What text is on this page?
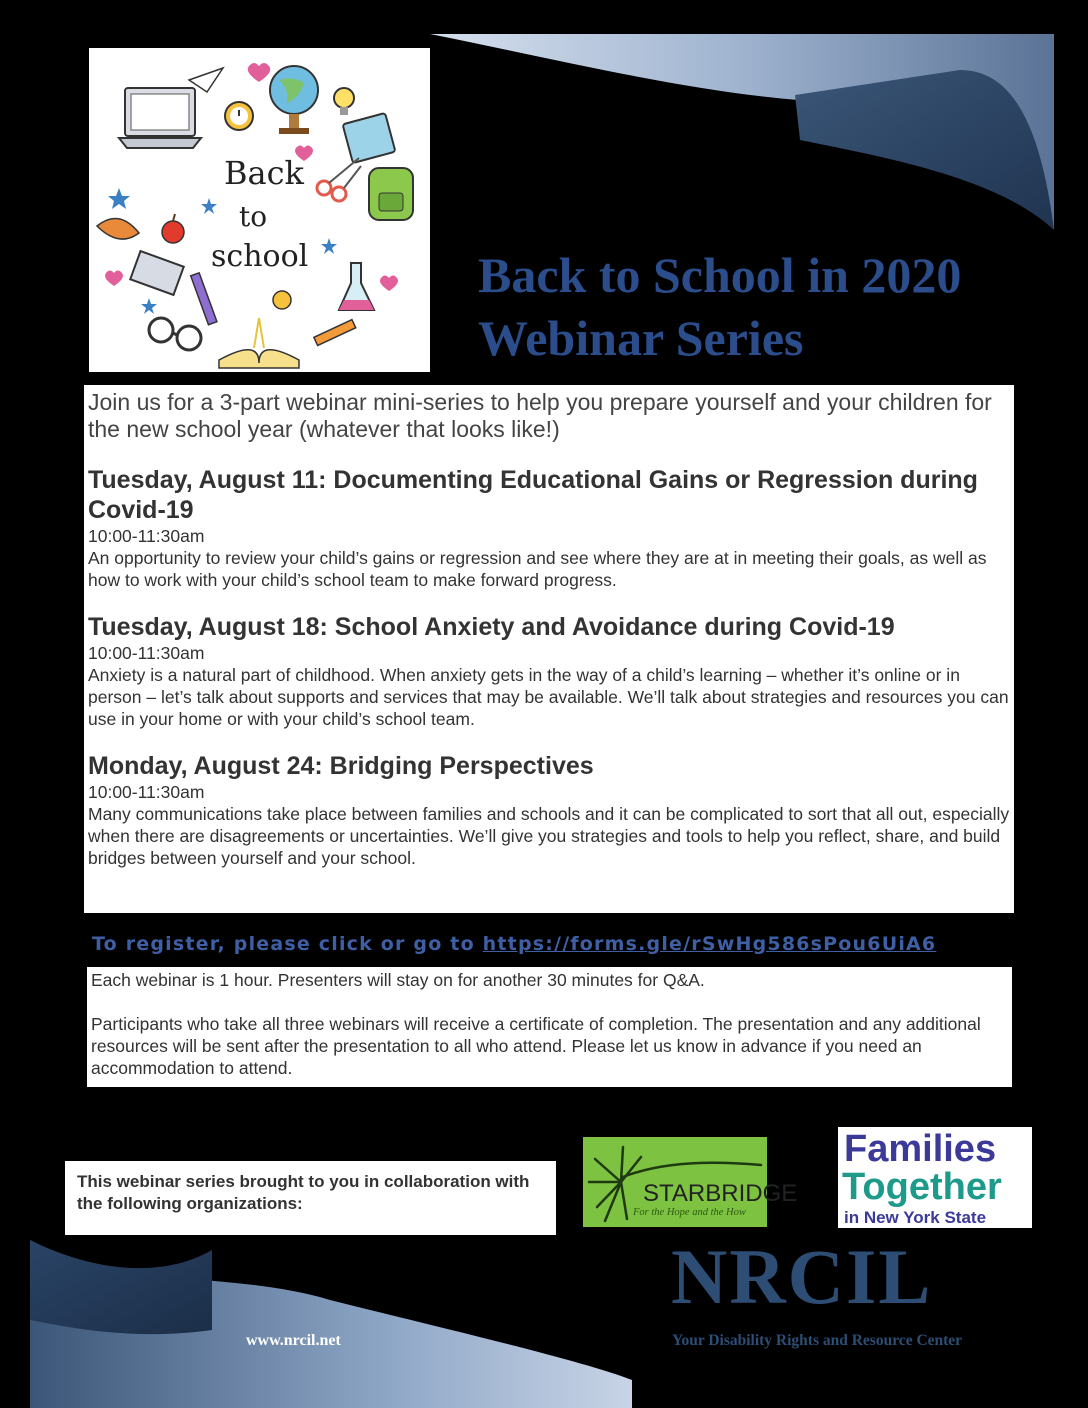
Back
to
school	Back to School in 2020
Webinar Series

Join us for a 3-part webinar mini-series to help you prepare yourself and your children for the new school year (whatever that looks like!)

Tuesday, August 11: Documenting Educational Gains or Regression during Covid-19

10:00-11:30am

An opportunity to review your child’s gains or regression and see where they are at in meeting their goals, as well as how to work with your child’s school team to make forward progress.

Tuesday, August 18: School Anxiety and Avoidance during Covid-19

10:00-11:30am

Anxiety is a natural part of childhood. When anxiety gets in the way of a child’s learning – whether it’s online or in person – let’s talk about supports and services that may be available. We’ll talk about strategies and resources you can use in your home or with your child’s school team.

Monday, August 24: Bridging Perspectives

10:00-11:30am

Many communications take place between families and schools and it can be complicated to sort that all out, especially when there are disagreements or uncertainties. We’ll give you strategies and tools to help you reflect, share, and build bridges between yourself and your school.

To register, please click or go to https://forms.gle/rSwHg586sPou6UiA6

Each webinar is 1 hour. Presenters will stay on for another 30 minutes for Q&A.

Participants who take all three webinars will receive a certificate of completion. The presentation and any additional resources will be sent after the presentation to all who attend. Please let us know in advance if you need an accommodation to attend.

This webinar series brought to you in collaboration with the following organizations:	STARBRIDGE
For the Hope and the How
Families
Together
in New York State
www.nrcil.net
NRCIL
Your Disability Rights and Resource Center
